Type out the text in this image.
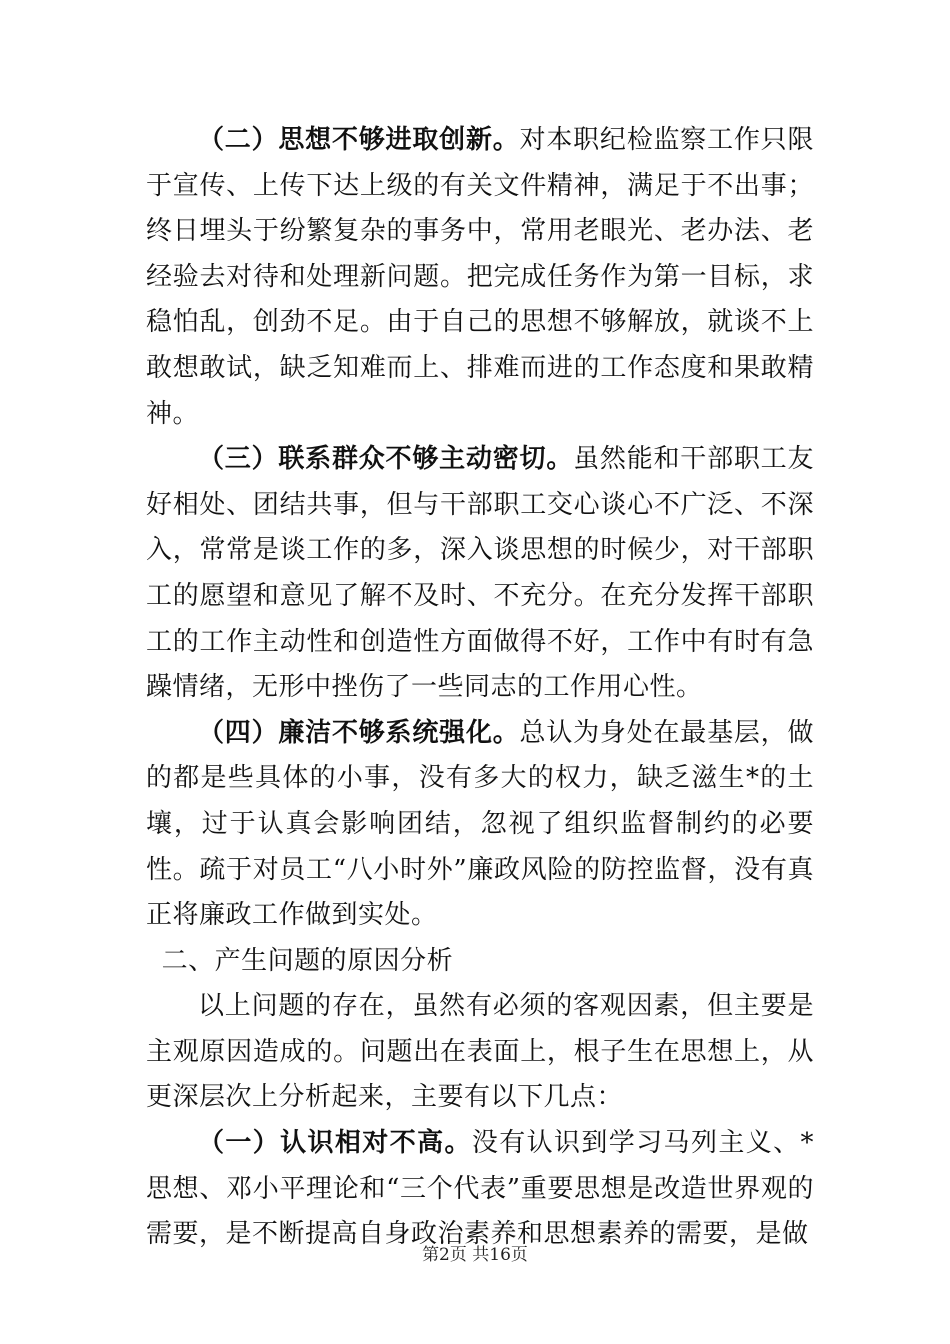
（二）思想不够进取创新。对本职纪检监察工作只限于宣传、上传下达上级的有关文件精神，满足于不出事；终日埋头于纷繁复杂的事务中，常用老眼光、老办法、老经验去对待和处理新问题。把完成任务作为第一目标，求稳怕乱，创劲不足。由于自己的思想不够解放，就谈不上敢想敢试，缺乏知难而上、排难而进的工作态度和果敢精神。

（三）联系群众不够主动密切。虽然能和干部职工友好相处、团结共事，但与干部职工交心谈心不广泛、不深入，常常是谈工作的多，深入谈思想的时候少，对干部职工的愿望和意见了解不及时、不充分。在充分发挥干部职工的工作主动性和创造性方面做得不好，工作中有时有急躁情绪，无形中挫伤了一些同志的工作用心性。

（四）廉洁不够系统强化。总认为身处在最基层，做的都是些具体的小事，没有多大的权力，缺乏滋生*的土壤，过于认真会影响团结，忽视了组织监督制约的必要性。疏于对员工“八小时外”廉政风险的防控监督，没有真正将廉政工作做到实处。

二、产生问题的原因分析

以上问题的存在，虽然有必须的客观因素，但主要是主观原因造成的。问题出在表面上，根子生在思想上，从更深层次上分析起来，主要有以下几点：

（一）认识相对不高。没有认识到学习马列主义、*思想、邓小平理论和“三个代表”重要思想是改造世界观的需要，是不断提高自身政治素养和思想素养的需要，是做

第2页 共16页
